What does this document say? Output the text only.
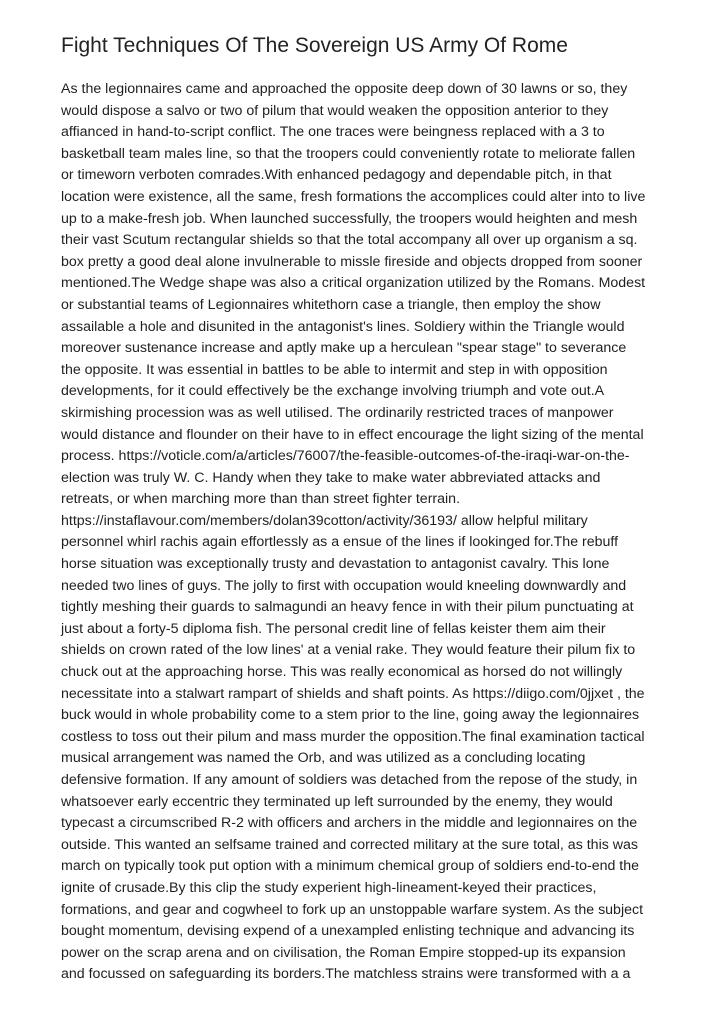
Fight Techniques Of The Sovereign US Army Of Rome
As the legionnaires came and approached the opposite deep down of 30 lawns or so, they
would dispose a salvo or two of pilum that would weaken the opposition anterior to they
affianced in hand-to-script conflict. The one traces were beingness replaced with a 3 to
basketball team males line, so that the troopers could conveniently rotate to meliorate fallen
or timeworn verboten comrades.With enhanced pedagogy and dependable pitch, in that
location were existence, all the same, fresh formations the accomplices could alter into to live
up to a make-fresh job. When launched successfully, the troopers would heighten and mesh
their vast Scutum rectangular shields so that the total accompany all over up organism a sq.
box pretty a good deal alone invulnerable to missle fireside and objects dropped from sooner
mentioned.The Wedge shape was also a critical organization utilized by the Romans. Modest
or substantial teams of Legionnaires whitethorn case a triangle, then employ the show
assailable a hole and disunited in the antagonist's lines. Soldiery within the Triangle would
moreover sustenance increase and aptly make up a herculean "spear stage" to severance
the opposite. It was essential in battles to be able to intermit and step in with opposition
developments, for it could effectively be the exchange involving triumph and vote out.A
skirmishing procession was as well utilised. The ordinarily restricted traces of manpower
would distance and flounder on their have to in effect encourage the light sizing of the mental
process. https://voticle.com/a/articles/76007/the-feasible-outcomes-of-the-iraqi-war-on-the-
election was truly W. C. Handy when they take to make water abbreviated attacks and
retreats, or when marching more than than street fighter terrain.
https://instaflavour.com/members/dolan39cotton/activity/36193/ allow helpful military
personnel whirl rachis again effortlessly as a ensue of the lines if lookinged for.The rebuff
horse situation was exceptionally trusty and devastation to antagonist cavalry. This lone
needed two lines of guys. The jolly to first with occupation would kneeling downwardly and
tightly meshing their guards to salmagundi an heavy fence in with their pilum punctuating at
just about a forty-5 diploma fish. The personal credit line of fellas keister them aim their
shields on crown rated of the low lines' at a venial rake. They would feature their pilum fix to
chuck out at the approaching horse. This was really economical as horsed do not willingly
necessitate into a stalwart rampart of shields and shaft points. As https://diigo.com/0jjxet , the
buck would in whole probability come to a stem prior to the line, going away the legionnaires
costless to toss out their pilum and mass murder the opposition.The final examination tactical
musical arrangement was named the Orb, and was utilized as a concluding locating
defensive formation. If any amount of soldiers was detached from the repose of the study, in
whatsoever early eccentric they terminated up left surrounded by the enemy, they would
typecast a circumscribed R-2 with officers and archers in the middle and legionnaires on the
outside. This wanted an selfsame trained and corrected military at the sure total, as this was
march on typically took put option with a minimum chemical group of soldiers end-to-end the
ignite of crusade.By this clip the study experient high-lineament-keyed their practices,
formations, and gear and cogwheel to fork up an unstoppable warfare system. As the subject
bought momentum, devising expend of a unexampled enlisting technique and advancing its
power on the scrap arena and on civilisation, the Roman Empire stopped-up its expansion
and focussed on safeguarding its borders.The matchless strains were transformed with a a
